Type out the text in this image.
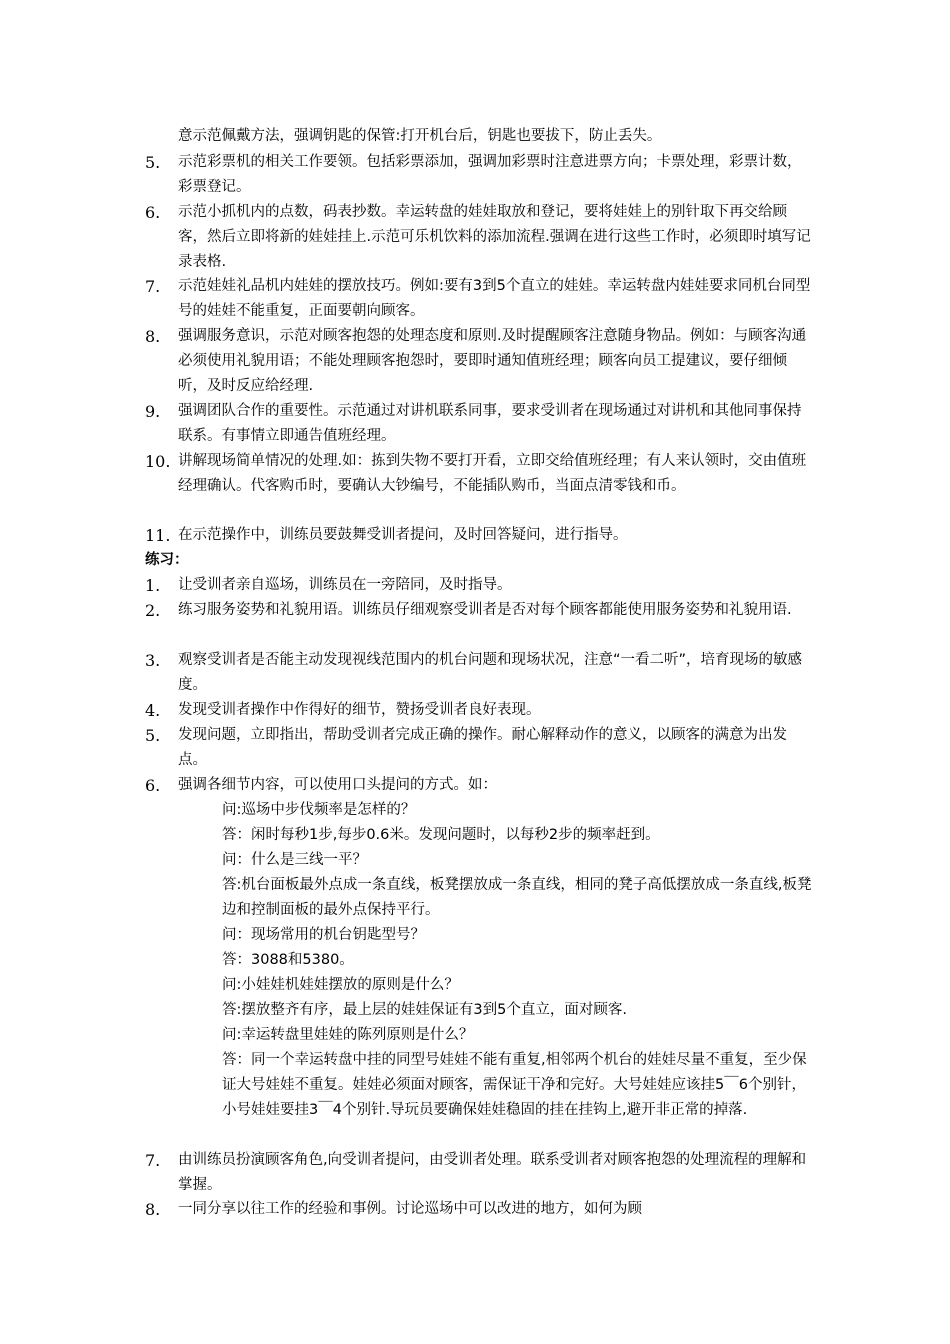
意示范佩戴方法，强调钥匙的保管:打开机台后，钥匙也要拔下，防止丢失。
5.	示范彩票机的相关工作要领。包括彩票添加，强调加彩票时注意进票方向；卡票处理，彩票计数，彩票登记。
6.	示范小抓机内的点数，码表抄数。幸运转盘的娃娃取放和登记，要将娃娃上的别针取下再交给顾客，然后立即将新的娃娃挂上.示范可乐机饮料的添加流程.强调在进行这些工作时，必须即时填写记录表格.
7.	示范娃娃礼品机内娃娃的摆放技巧。例如:要有3到5个直立的娃娃。幸运转盘内娃娃要求同机台同型号的娃娃不能重复，正面要朝向顾客。
8.	强调服务意识，示范对顾客抱怨的处理态度和原则.及时提醒顾客注意随身物品。例如：与顾客沟通必须使用礼貌用语；不能处理顾客抱怨时，要即时通知值班经理；顾客向员工提建议，要仔细倾听，及时反应给经理.
9.	强调团队合作的重要性。示范通过对讲机联系同事，要求受训者在现场通过对讲机和其他同事保持联系。有事情立即通告值班经理。
10. 讲解现场简单情况的处理.如：拣到失物不要打开看，立即交给值班经理；有人来认领时，交由值班经理确认。代客购币时，要确认大钞编号，不能插队购币，当面点清零钱和币。
11. 在示范操作中，训练员要鼓舞受训者提问，及时回答疑问，进行指导。
练习：
1.	让受训者亲自巡场，训练员在一旁陪同，及时指导。
2.	练习服务姿势和礼貌用语。训练员仔细观察受训者是否对每个顾客都能使用服务姿势和礼貌用语.
3.	观察受训者是否能主动发现视线范围内的机台问题和现场状况，注意“一看二听”，培育现场的敏感度。
4.	发现受训者操作中作得好的细节，赞扬受训者良好表现。
5.	发现问题，立即指出，帮助受训者完成正确的操作。耐心解释动作的意义，以顾客的满意为出发点。
6.	强调各细节内容，可以使用口头提问的方式。如：
问:巡场中步伐频率是怎样的？
答：闲时每秒1步,每步0.6米。发现问题时，以每秒2步的频率赶到。
问：什么是三线一平？
答:机台面板最外点成一条直线，板凳摆放成一条直线，相同的凳子高低摆放成一条直线,板凳边和控制面板的最外点保持平行。
问：现场常用的机台钥匙型号？
答：3088和5380。
问:小娃娃机娃娃摆放的原则是什么？
答:摆放整齐有序，最上层的娃娃保证有3到5个直立，面对顾客.
问:幸运转盘里娃娃的陈列原则是什么？
答：同一个幸运转盘中挂的同型号娃娃不能有重复,相邻两个机台的娃娃尽量不重复，至少保证大号娃娃不重复。娃娃必须面对顾客，需保证干净和完好。大号娃娃应该挂5￣6个别针，小号娃娃要挂3￣4个别针.导玩员要确保娃娃稳固的挂在挂钩上,避开非正常的掉落.
7.	由训练员扮演顾客角色,向受训者提问，由受训者处理。联系受训者对顾客抱怨的处理流程的理解和掌握。
8.	一同分享以往工作的经验和事例。讨论巡场中可以改进的地方，如何为顾
